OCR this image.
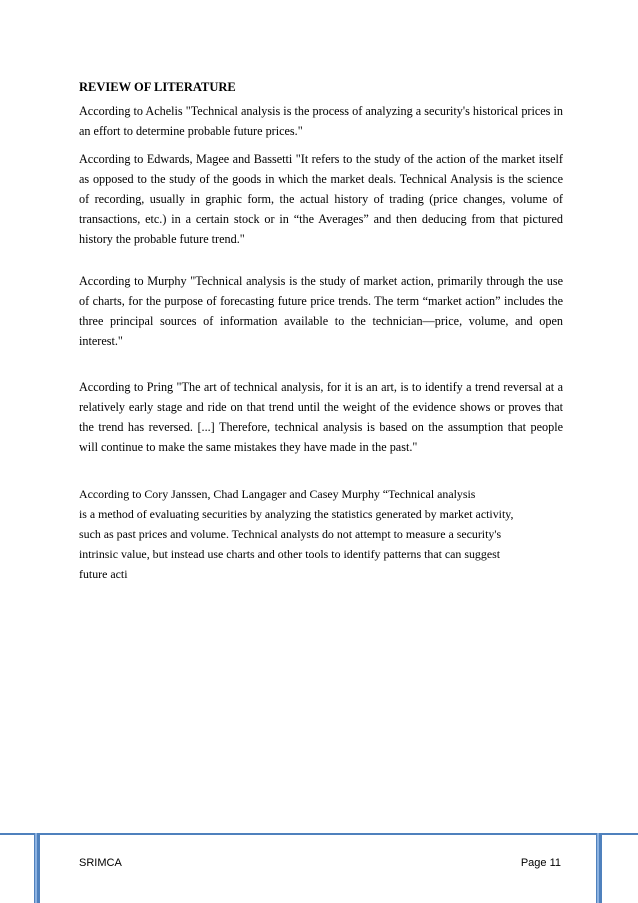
REVIEW OF LITERATURE

According to Achelis "Technical analysis is the process of analyzing a security's historical prices in an effort to determine probable future prices."

According to Edwards, Magee and Bassetti "It refers to the study of the action of the market itself as opposed to the study of the goods in which the market deals. Technical Analysis is the science of recording, usually in graphic form, the actual history of trading (price changes, volume of transactions, etc.) in a certain stock or in “the Averages” and then deducing from that pictured history the probable future trend."

According to Murphy "Technical analysis is the study of market action, primarily through the use of charts, for the purpose of forecasting future price trends. The term “market action” includes the three principal sources of information available to the technician—price, volume, and open interest."

According to Pring "The art of technical analysis, for it is an art, is to identify a trend reversal at a relatively early stage and ride on that trend until the weight of the evidence shows or proves that the trend has reversed. [...] Therefore, technical analysis is based on the assumption that people will continue to make the same mistakes they have made in the past."

According to Cory Janssen, Chad Langager and Casey Murphy “Technical analysis
is a method of evaluating securities by analyzing the statistics generated by market activity,
such as past prices and volume. Technical analysts do not attempt to measure a security's
intrinsic value, but instead use charts and other tools to identify patterns that can suggest
future acti
SRIMCA	Page 11
